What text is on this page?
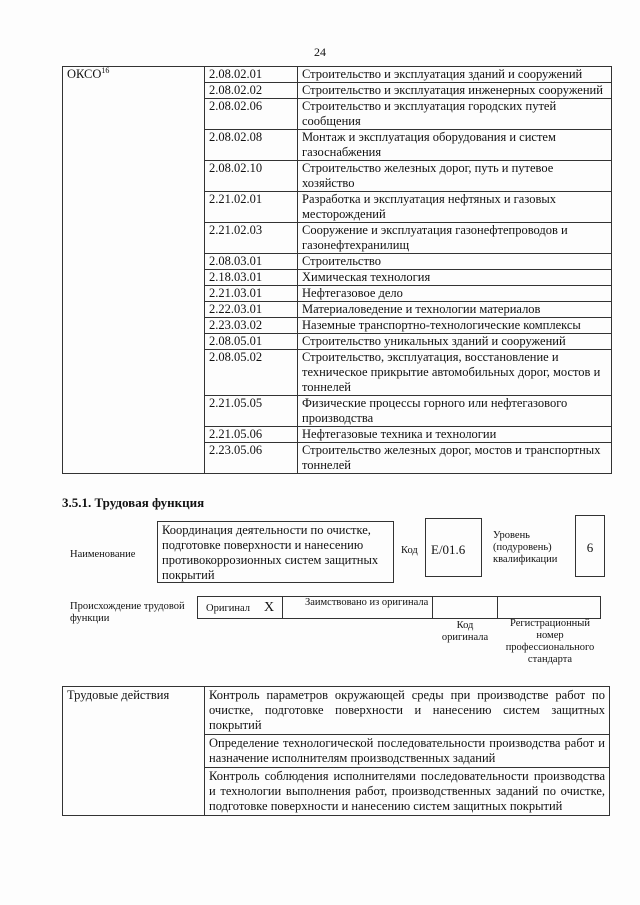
24
ОКСО$^{16}$	2.08.02.01	Строительство и эксплуатация зданий и сооружений
	2.08.02.02	Строительство и эксплуатация инженерных сооружений
	2.08.02.06	Строительство и эксплуатация городских путей сообщения
	2.08.02.08	Монтаж и эксплуатация оборудования и систем газоснабжения
	2.08.02.10	Строительство железных дорог, путь и путевое хозяйство
	2.21.02.01	Разработка и эксплуатация нефтяных и газовых месторождений
	2.21.02.03	Сооружение и эксплуатация газонефтепроводов и газонефтехранилищ
	2.08.03.01	Строительство
	2.18.03.01	Химическая технология
	2.21.03.01	Нефтегазовое дело
	2.22.03.01	Материаловедение и технологии материалов
	2.23.03.02	Наземные транспортно-технологические комплексы
	2.08.05.01	Строительство уникальных зданий и сооружений
	2.08.05.02	Строительство, эксплуатация, восстановление и техническое прикрытие автомобильных дорог, мостов и тоннелей
	2.21.05.05	Физические процессы горного или нефтегазового производства
	2.21.05.06	Нефтегазовые техника и технологии
	2.23.05.06	Строительство железных дорог, мостов и транспортных тоннелей
3.5.1. Трудовая функция
Наименование
Координация деятельности по очистке, подготовке поверхности и нанесению противокоррозионных систем защитных покрытий
Код	E/01.6
Уровень (подуровень) квалификации
6
Происхождение трудовой функции
Оригинал X	Заимствовано из оригинала
Код оригинала
Регистрационный номер профессионального стандарта
Трудовые действия	Контроль параметров окружающей среды при производстве работ по очистке, подготовке поверхности и нанесению систем защитных покрытий
Определение технологической последовательности производства работ и назначение исполнителям производственных заданий
Контроль соблюдения исполнителями последовательности производства и технологии выполнения работ, производственных заданий по очистке, подготовке поверхности и нанесению систем защитных покрытий
